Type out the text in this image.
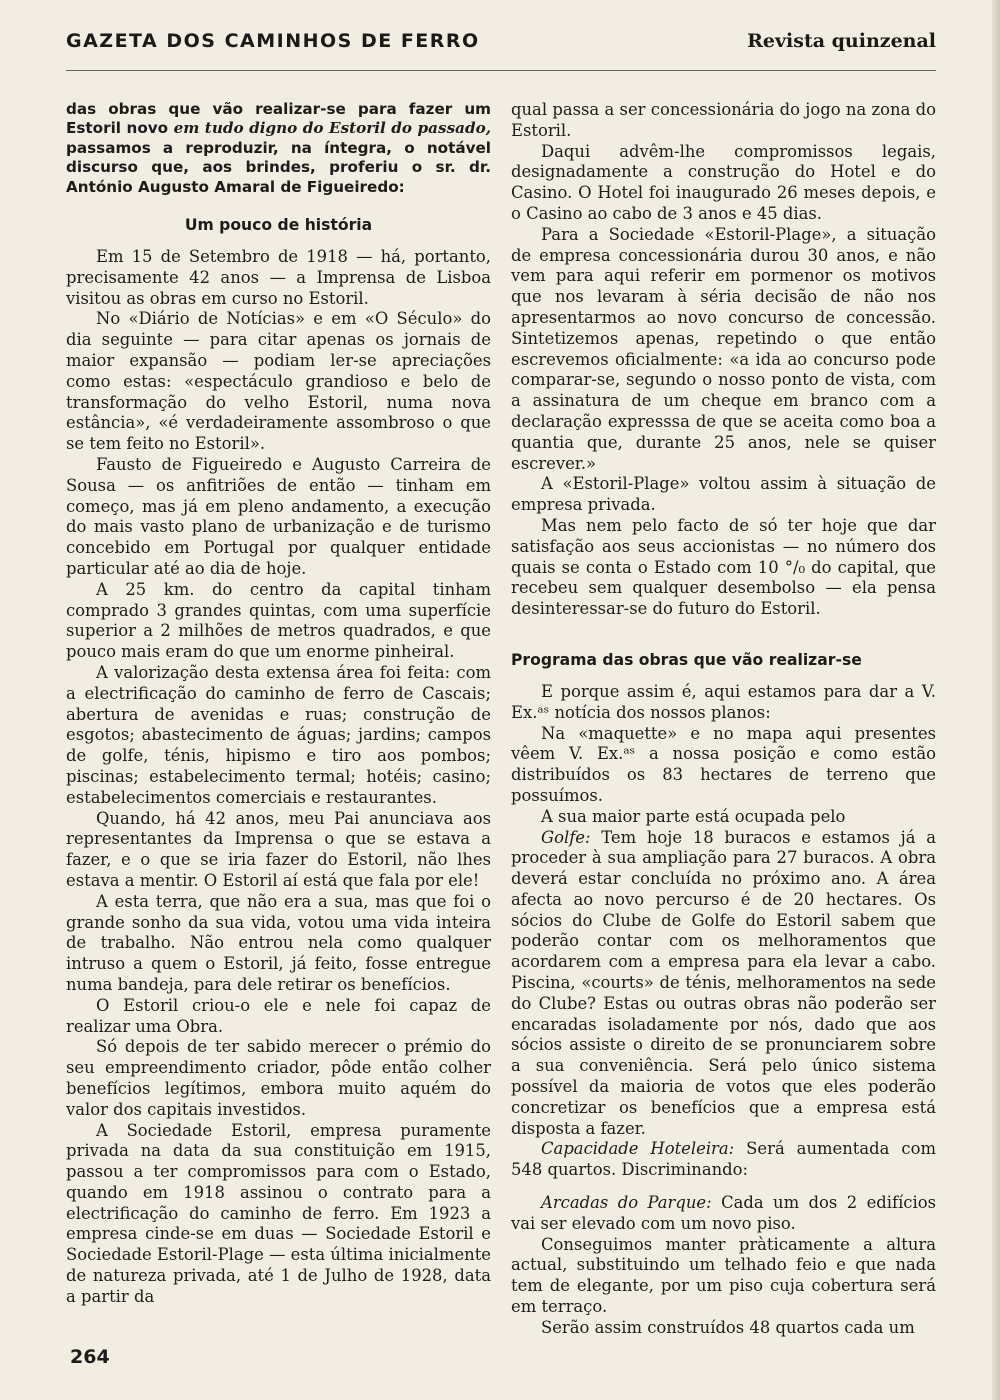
GAZETA DOS CAMINHOS DE FERRO	Revista quinzenal

das obras que vão realizar-se para fazer um Estoril novo em tudo digno do Estoril do passado, passamos a reproduzir, na íntegra, o notável discurso que, aos brindes, proferiu o sr. dr. António Augusto Amaral de Figueiredo:

Um pouco de história

Em 15 de Setembro de 1918 — há, portanto, precisamente 42 anos — a Imprensa de Lisboa visitou as obras em curso no Estoril.

No «Diário de Notícias» e em «O Século» do dia seguinte — para citar apenas os jornais de maior expansão — podiam ler-se apreciações como estas: «espectáculo grandioso e belo de transformação do velho Estoril, numa nova estância», «é verdadeiramente assombroso o que se tem feito no Estoril».

Fausto de Figueiredo e Augusto Carreira de Sousa — os anfitriões de então — tinham em começo, mas já em pleno andamento, a execução do mais vasto plano de urbanização e de turismo concebido em Portugal por qualquer entidade particular até ao dia de hoje.

A 25 km. do centro da capital tinham comprado 3 grandes quintas, com uma superfície superior a 2 milhões de metros quadrados, e que pouco mais eram do que um enorme pinheiral.

A valorização desta extensa área foi feita: com a electrificação do caminho de ferro de Cascais; abertura de avenidas e ruas; construção de esgotos; abastecimento de águas; jardins; campos de golfe, ténis, hipismo e tiro aos pombos; piscinas; estabelecimento termal; hotéis; casino; estabelecimentos comerciais e restaurantes.

Quando, há 42 anos, meu Pai anunciava aos representantes da Imprensa o que se estava a fazer, e o que se iria fazer do Estoril, não lhes estava a mentir. O Estoril aí está que fala por ele!

A esta terra, que não era a sua, mas que foi o grande sonho da sua vida, votou uma vida inteira de trabalho. Não entrou nela como qualquer intruso a quem o Estoril, já feito, fosse entregue numa bandeja, para dele retirar os benefícios.

O Estoril criou-o ele e nele foi capaz de realizar uma Obra.

Só depois de ter sabido merecer o prémio do seu empreendimento criador, pôde então colher benefícios legítimos, embora muito aquém do valor dos capitais investidos.

A Sociedade Estoril, empresa puramente privada na data da sua constituição em 1915, passou a ter compromissos para com o Estado, quando em 1918 assinou o contrato para a electrificação do caminho de ferro. Em 1923 a empresa cinde-se em duas — Sociedade Estoril e Sociedade Estoril-Plage — esta última inicialmente de natureza privada, até 1 de Julho de 1928, data a partir da

qual passa a ser concessionária do jogo na zona do Estoril.

Daqui advêm-lhe compromissos legais, designadamente a construção do Hotel e do Casino. O Hotel foi inaugurado 26 meses depois, e o Casino ao cabo de 3 anos e 45 dias.

Para a Sociedade «Estoril-Plage», a situação de empresa concessionária durou 30 anos, e não vem para aqui referir em pormenor os motivos que nos levaram à séria decisão de não nos apresentarmos ao novo concurso de concessão. Sintetizemos apenas, repetindo o que então escrevemos oficialmente: «a ida ao concurso pode comparar-se, segundo o nosso ponto de vista, com a assinatura de um cheque em branco com a declaração expresssa de que se aceita como boa a quantia que, durante 25 anos, nele se quiser escrever.»

A «Estoril-Plage» voltou assim à situação de empresa privada.

Mas nem pelo facto de só ter hoje que dar satisfação aos seus accionistas — no número dos quais se conta o Estado com 10 °/₀ do capital, que recebeu sem qualquer desembolso — ela pensa desinteressar-se do futuro do Estoril.

Programa das obras que vão realizar-se

E porque assim é, aqui estamos para dar a V. Ex.ᵃˢ notícia dos nossos planos:

Na «maquette» e no mapa aqui presentes vêem V. Ex.ᵃˢ a nossa posição e como estão distribuídos os 83 hectares de terreno que possuímos.

A sua maior parte está ocupada pelo

Golfe: Tem hoje 18 buracos e estamos já a proceder à sua ampliação para 27 buracos. A obra deverá estar concluída no próximo ano. A área afecta ao novo percurso é de 20 hectares. Os sócios do Clube de Golfe do Estoril sabem que poderão contar com os melhoramentos que acordarem com a empresa para ela levar a cabo. Piscina, «courts» de ténis, melhoramentos na sede do Clube? Estas ou outras obras não poderão ser encaradas isoladamente por nós, dado que aos sócios assiste o direito de se pronunciarem sobre a sua conveniência. Será pelo único sistema possível da maioria de votos que eles poderão concretizar os benefícios que a empresa está disposta a fazer.

Capacidade Hoteleira: Será aumentada com 548 quartos. Discriminando:

Arcadas do Parque: Cada um dos 2 edifícios vai ser elevado com um novo piso.

Conseguimos manter pràticamente a altura actual, substituindo um telhado feio e que nada tem de elegante, por um piso cuja cobertura será em terraço.

Serão assim construídos 48 quartos cada um

264
